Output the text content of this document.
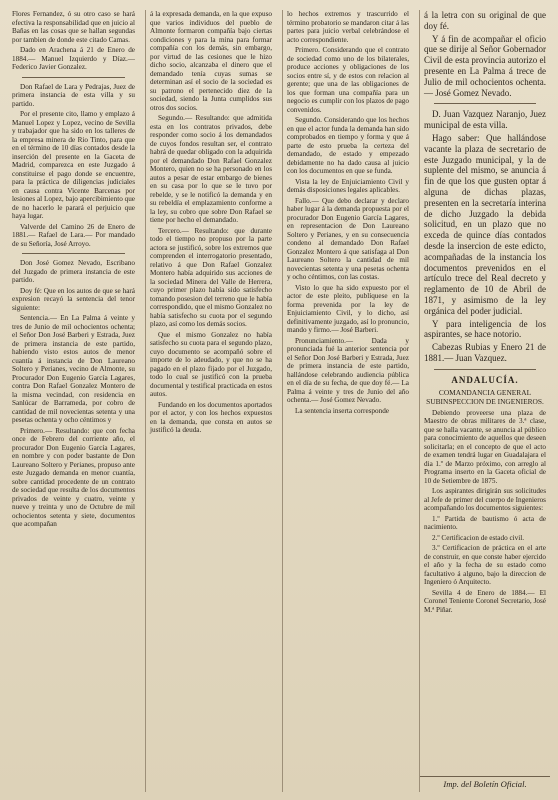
Flores Fernandez, ó su otro caso se hará efectiva la responsabilidad que en juicio al Bañas en las cosas que se hallan segundas por tambien de donde este citado Camas.

Dado en Arachena á 21 de Enero de 1884.— Manuel Izquierdo y Díaz.— Federico Javier Gonzalez.

Don Rafael de Lara y Pedrajas, Juez de primera instancia de esta villa y su partido.

Por el presente cito, llamo y emplazo á Manuel Lopez y Lopez, vecino de Sevilla y trabajador que ha sido en los talleres de la empresa minera de Rio Tinto, para que en el término de 10 días contados desde la inserción del presente en la Gaceta de Madrid, comparezca en este Juzgado á constituirse el pago donde se encuentre, para la práctica de diligencias judiciales en causa contra Vicente Barcenas por lesiones al Lopez, bajo apercibimiento que de no hacerlo le parará el perjuicio que haya lugar.

Valverde del Camino 26 de Enero de 1881.— Rafael de Lara.— Por mandado de su Señoría, José Arroyo.

Don José Gomez Nevado, Escribano del Juzgado de primera instancia de este partido.

Doy fé: Que en los autos de que se hará expresion recayó la sentencia del tenor siguiente:

Sentencia.— En La Palma á veinte y tres de Junio de mil ochocientos ochenta; el Señor Don José Barberi y Estrada, Juez de primera instancia de este partido, habiendo visto estos autos de menor cuantía á instancia de Don Laureano Soltero y Perianes, vecino de Almonte, su Procurador Don Eugenio García Lagares, contra Don Rafael Gonzalez Montero de la misma vecindad, con residencia en Sanlúcar de Barrameda, por cobro de cantidad de mil novecientas setenta y una pesetas ochenta y ocho céntimos y

Primero.— Resultando: que con fecha once de Febrero del corriente año, el procurador Don Eugenio García Lagares, en nombre y con poder bastante de Don Laureano Soltero y Perianes, propuso ante este Juzgado demanda en menor cuantía, sobre cantidad procedente de un contrato de sociedad que resulta de los documentos privados de veinte y cuatro, veinte y nueve y treinta y uno de Octubre de mil ochocientos setenta y siete, documentos que acompañan

á la expresada demanda, en la que expuso que varios individuos del pueblo de Almonte formaron compañía bajo ciertas condiciones y para la mina para formar compañía con los demás, sin embargo, por virtud de las cesiones que le hizo dicho socio, alcanzaba el dinero que el demandado tenía cuyas sumas se determinan así el socio de la sociedad es su patrono el pertenecido diez de la sociedad, siendo la Junta cumplidos sus otros dos socios.

Segundo.— Resultando: que admitida esta en los contratos privados, debe responder como socio á los demandados de cuyos fondos resultan ser, el contrato habrá de quedar obligado con la adquirida por el demandado Don Rafael Gonzalez Montero, quien no se ha personado en los autos a pesar de estar embargo de bienes en su casa por lo que se le tuvo por rebelde, y se le notificó la demanda y en su rebeldía el emplazamiento conforme a la ley, su cobro que sobre Don Rafael se tiene por hecho el demandado.

Tercero.— Resultando: que durante todo el tiempo no propuso por la parte actora se justificó, sobre los extremos que comprenden el interrogatorio presentado, relativo á que Don Rafael Gonzalez Montero había adquirido sus acciones de la sociedad Minera del Valle de Herrera, cuyo primer plazo había sido satisfecho tomando posesion del terreno que le había correspondido, que el mismo Gonzalez no había satisfecho su cuota por el segundo plazo, así como los demás socios.

Que el mismo Gonzalez no había satisfecho su cuota para el segundo plazo, cuyo documento se acompañó sobre el importe de lo adeudado, y que no se ha pagado en el plazo fijado por el Juzgado, todo lo cual se justificó con la prueba documental y testifical practicada en estos autos.

Fundando en los documentos aportados por el actor, y con los hechos expuestos en la demanda, que consta en autos se justificó la deuda.

lo hechos extremos y trascurrido el término probatorio se mandaron citar á las partes para juicio verbal celebrándose el acto correspondiente.

Primero. Considerando que el contrato de sociedad como uno de los bilaterales, produce acciones y obligaciones de los socios entre sí, y de estos con relacion al gerente; que una de las obligaciones de los que forman una compañía para un negocio es cumplir con los plazos de pago convenidos.

Segundo. Considerando que los hechos en que el actor funda la demanda han sido comprobados en tiempo y forma y que á parte de esto prueba la certeza del demandado, de estado y empezado debidamente no ha dado causa al juicio con los documentos en que se funda.

Vista la ley de Enjuiciamiento Civil y demás disposiciones legales aplicables.

Fallo.— Que debo declarar y declaro haber lugar á la demanda propuesta por el procurador Don Eugenio García Lagares, en representacion de Don Laureano Soltero y Perianes, y en su consecuencia condeno al demandado Don Rafael Gonzalez Montero á que satisfaga al Don Laureano Soltero la cantidad de mil novecientas setenta y una pesetas ochenta y ocho céntimos, con las costas.

Visto lo que ha sido expuesto por el actor de este pleito, publíquese en la forma prevenida por la ley de Enjuiciamiento Civil, y lo dicho, así definitivamente juzgado, así lo pronuncio, mando y firmo.— José Barberi.

Pronunciamiento.— Dada y pronunciada fué la anterior sentencia por el Señor Don José Barberi y Estrada, Juez de primera instancia de este partido, hallándose celebrando audiencia pública en el día de su fecha, de que doy fé.— La Palma á veinte y tres de Junio del año ochenta.— José Gomez Nevado.

La sentencia inserta corresponde

á la letra con su original de que doy fé.

Y á fin de acompañar el oficio que se dirije al Señor Gobernador Civil de esta provincia autorizo el presente en La Palma á trece de Julio de mil ochocientos ochenta.— José Gomez Nevado.

D. Juan Vazquez Naranjo, Juez municipal de esta villa.

Hago saber: Que hallándose vacante la plaza de secretario de este Juzgado municipal, y la de suplente del mismo, se anuncia á fin de que los que gusten optar á alguna de dichas plazas, presenten en la secretaría interina de dicho Juzgado la debida solicitud, en un plazo que no exceda de quince días contados desde la insercion de este edicto, acompañadas de la instancia los documentos prevenidos en el artículo trece del Real decreto y reglamento de 10 de Abril de 1871, y asimismo de la ley orgánica del poder judicial.

Y para inteligencia de los aspirantes, se hace notorio.

Cabezas Rubias y Enero 21 de 1881.— Juan Vazquez.

ANDALUCÍA.
COMANDANCIA GENERAL SUBINSPECCION DE INGENIEROS.

Debiendo proveerse una plaza de Maestro de obras militares de 3.ª clase, que se halla vacante, se anuncia al público para conocimiento de aquellos que deseen solicitarla; en el concepto de que el acto de examen tendrá lugar en Guadalajara el dia 1.º de Marzo próximo, con arreglo al Programa inserto en la Gaceta oficial de 10 de Setiembre de 1875.

Los aspirantes dirigirán sus solicitudes al Jefe de primer del cuerpo de Ingenieros acompañando los documentos siguientes:

1.º Partida de bautismo ó acta de nacimiento.

2.º Certificacion de estado civil.

3.º Certificacion de práctica en el arte de construir, en que conste haber ejercido el año y la fecha de su estado como facultativo á alguno, bajo la direccion de Ingeniero ó Arquitecto.

Sevilla 4 de Enero de 1884.— El Coronel Teniente Coronel Secretario, José M.ª Piñar.

Imp. del Boletín Oficial.
